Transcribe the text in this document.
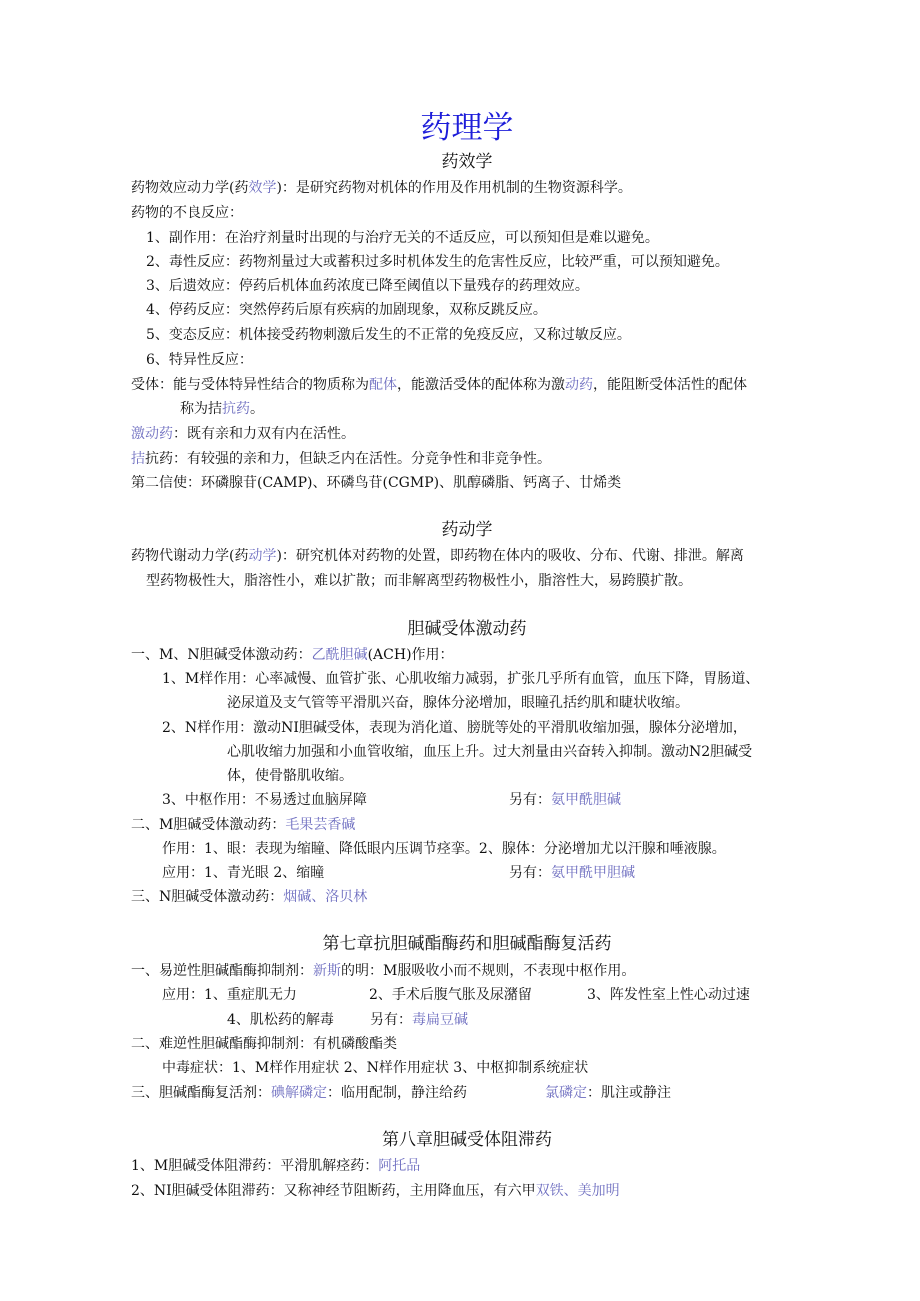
药理学
药效学
药物效应动力学(药效学)：是研究药物对机体的作用及作用机制的生物资源科学。
药物的不良反应：
1、副作用：在治疗剂量时出现的与治疗无关的不适反应，可以预知但是难以避免。
2、毒性反应：药物剂量过大或蓄积过多时机体发生的危害性反应，比较严重，可以预知避免。
3、后遗效应：停药后机体血药浓度已降至阈值以下量残存的药理效应。
4、停药反应：突然停药后原有疾病的加剧现象，双称反跳反应。
5、变态反应：机体接受药物刺激后发生的不正常的免疫反应，又称过敏反应。
6、特异性反应：
受体：能与受体特异性结合的物质称为配体，能激活受体的配体称为激动药，能阻断受体活性的配体
称为拮抗药。
激动药：既有亲和力双有内在活性。
拮抗药：有较强的亲和力，但缺乏内在活性。分竞争性和非竞争性。
第二信使：环磷腺苷(CAMP)、环磷鸟苷(CGMP)、肌醇磷脂、钙离子、廿烯类
药动学
药物代谢动力学(药动学)：研究机体对药物的处置，即药物在体内的吸收、分布、代谢、排泄。解离
型药物极性大，脂溶性小，难以扩散；而非解离型药物极性小，脂溶性大，易跨膜扩散。
胆碱受体激动药
一、M、N胆碱受体激动药：乙酰胆碱(ACH)作用：
1、M样作用：心率减慢、血管扩张、心肌收缩力减弱，扩张几乎所有血管，血压下降，胃肠道、
泌尿道及支气管等平滑肌兴奋，腺体分泌增加，眼瞳孔括约肌和睫状收缩。
2、N样作用：激动NI胆碱受体，表现为消化道、膀胱等处的平滑肌收缩加强，腺体分泌增加，
心肌收缩力加强和小血管收缩，血压上升。过大剂量由兴奋转入抑制。激动N2胆碱受
体，使骨骼肌收缩。
3、中枢作用：不易透过血脑屏障	另有：氨甲酰胆碱
二、M胆碱受体激动药：毛果芸香碱
作用：1、眼：表现为缩瞳、降低眼内压调节痉挛。2、腺体：分泌增加尤以汗腺和唾液腺。
应用：1、青光眼 2、缩瞳	另有：氨甲酰甲胆碱
三、N胆碱受体激动药：烟碱、洛贝林
第七章抗胆碱酯酶药和胆碱酯酶复活药
一、易逆性胆碱酯酶抑制剂：新斯的明：M服吸收小而不规则，不表现中枢作用。
应用：1、重症肌无力	2、手术后腹气胀及尿潴留	3、阵发性室上性心动过速
4、肌松药的解毒	另有：毒扁豆碱
二、难逆性胆碱酯酶抑制剂：有机磷酸酯类
中毒症状：1、M样作用症状 2、N样作用症状 3、中枢抑制系统症状
三、胆碱酯酶复活剂：碘解磷定：临用配制，静注给药	氯磷定：肌注或静注
第八章胆碱受体阻滞药
1、M胆碱受体阻滞药：平滑肌解痉药：阿托品
2、NI胆碱受体阻滞药：又称神经节阻断药，主用降血压，有六甲双铁、美加明
